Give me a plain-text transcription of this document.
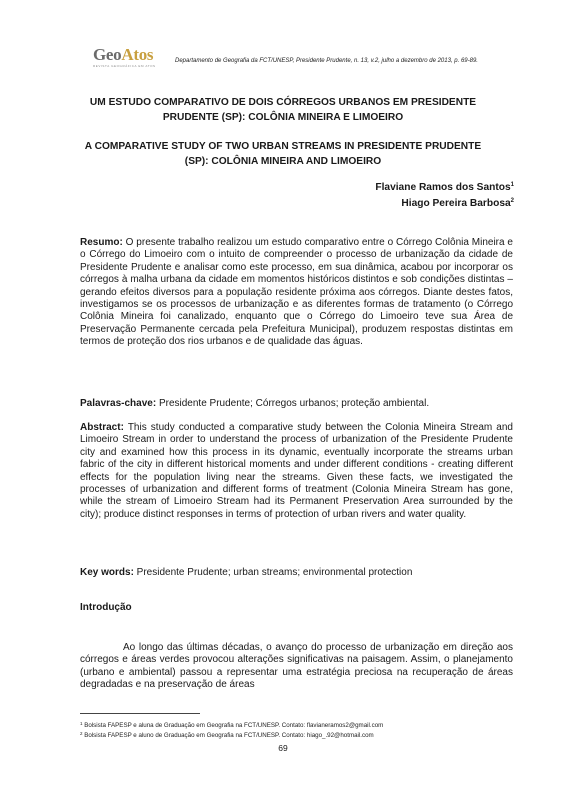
GeoAtos
REVISTA GEOGRÁFICA EM ATOS
Departamento de Geografia da FCT/UNESP, Presidente Prudente, n. 13, v.2, julho a dezembro de 2013, p. 69-89.
UM ESTUDO COMPARATIVO DE DOIS CÓRREGOS URBANOS EM PRESIDENTE PRUDENTE (SP): COLÔNIA MINEIRA E LIMOEIRO
A COMPARATIVE STUDY OF TWO URBAN STREAMS IN PRESIDENTE PRUDENTE (SP): COLÔNIA MINEIRA AND LIMOEIRO
Flaviane Ramos dos Santos$^1$
Hiago Pereira Barbosa$^2$
Resumo: O presente trabalho realizou um estudo comparativo entre o Córrego Colônia Mineira e o Córrego do Limoeiro com o intuito de compreender o processo de urbanização da cidade de Presidente Prudente e analisar como este processo, em sua dinâmica, acabou por incorporar os córregos à malha urbana da cidade em momentos históricos distintos e sob condições distintas – gerando efeitos diversos para a população residente próxima aos córregos. Diante destes fatos, investigamos se os processos de urbanização e as diferentes formas de tratamento (o Córrego Colônia Mineira foi canalizado, enquanto que o Córrego do Limoeiro teve sua Área de Preservação Permanente cercada pela Prefeitura Municipal), produzem respostas distintas em termos de proteção dos rios urbanos e de qualidade das águas.
Palavras-chave: Presidente Prudente; Córregos urbanos; proteção ambiental.
Abstract: This study conducted a comparative study between the Colonia Mineira Stream and Limoeiro Stream in order to understand the process of urbanization of the Presidente Prudente city and examined how this process in its dynamic, eventually incorporate the streams urban fabric of the city in different historical moments and under different conditions - creating different effects for the population living near the streams. Given these facts, we investigated the processes of urbanization and different forms of treatment (Colonia Mineira Stream has gone, while the stream of Limoeiro Stream had its Permanent Preservation Area surrounded by the city); produce distinct responses in terms of protection of urban rivers and water quality.
Key words: Presidente Prudente; urban streams; environmental protection
Introdução
Ao longo das últimas décadas, o avanço do processo de urbanização em direção aos córregos e áreas verdes provocou alterações significativas na paisagem. Assim, o planejamento (urbano e ambiental) passou a representar uma estratégia preciosa na recuperação de áreas degradadas e na preservação de áreas
$^1$ Bolsista FAPESP e aluna de Graduação em Geografia na FCT/UNESP. Contato: flavianeramos2@gmail.com
$^2$ Bolsista FAPESP e aluno de Graduação em Geografia na FCT/UNESP. Contato: hiago_.92@hotmail.com
69
